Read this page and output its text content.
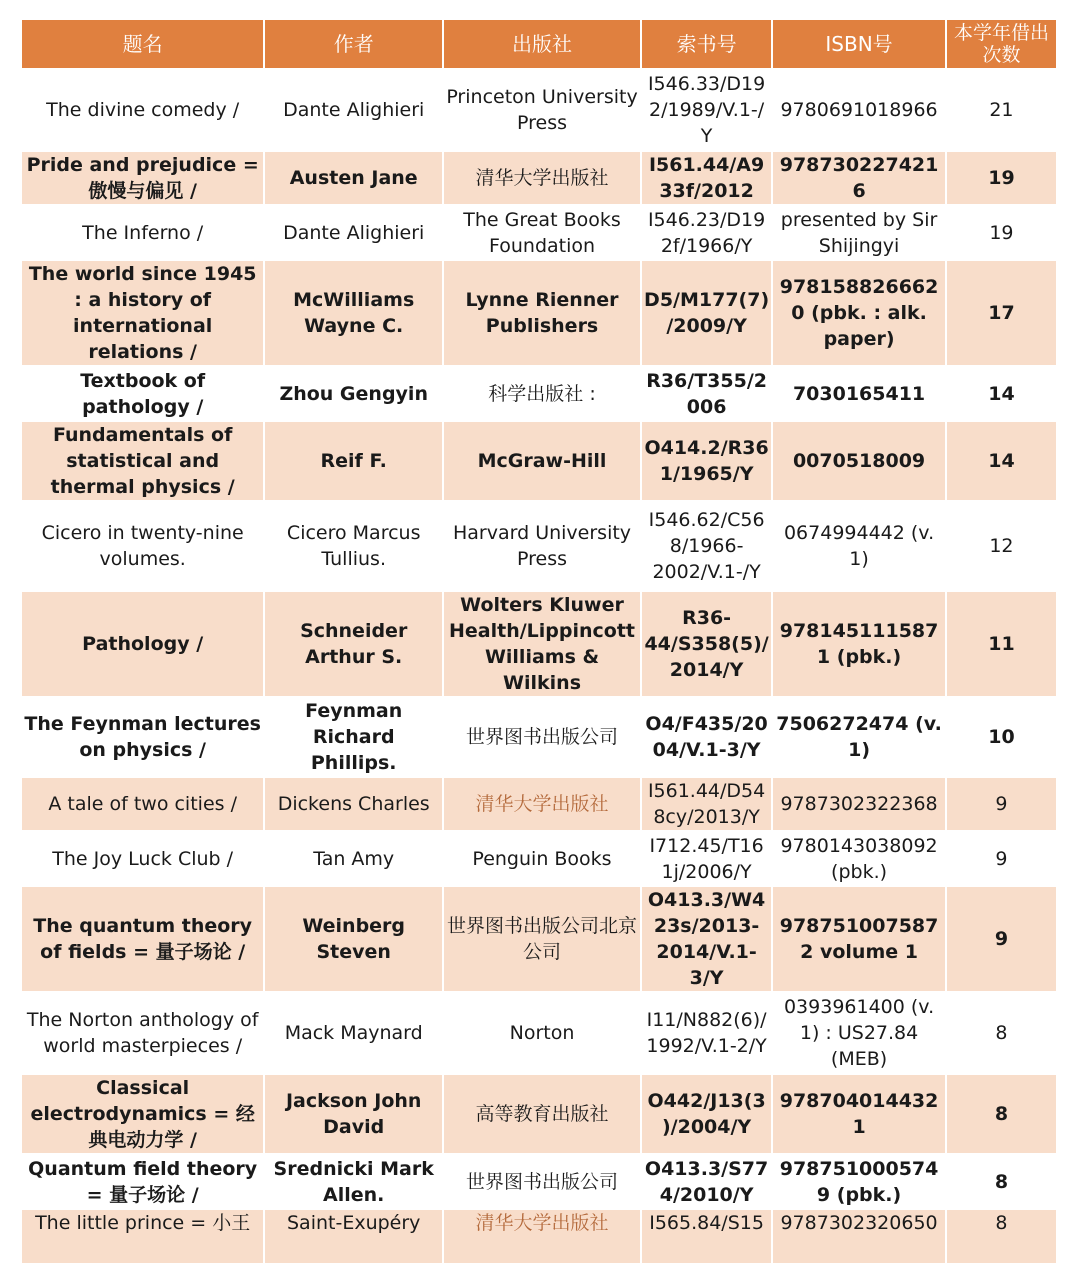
题名	作者	出版社	索书号	ISBN号	本学年借出次数
The divine comedy /	Dante Alighieri	Princeton University Press	I546.33/D192/1989/V.1-/Y	9780691018966	21
Pride and prejudice = 傲慢与偏见 /	Austen Jane	清华大学出版社	I561.44/A933f/2012	9787302274216	19
The Inferno /	Dante Alighieri	The Great Books Foundation	I546.23/D192f/1966/Y	presented by Sir Shijingyi	19
The world since 1945 : a history of international relations /	McWilliams Wayne C.	Lynne Rienner Publishers	D5/M177(7)/2009/Y	9781588266620 (pbk. : alk. paper)	17
Textbook of pathology /	Zhou Gengyin	科学出版社 :	R36/T355/2006	7030165411	14
Fundamentals of statistical and thermal physics /	Reif F.	McGraw-Hill	O414.2/R361/1965/Y	0070518009	14
Cicero in twenty-nine volumes.	Cicero Marcus Tullius.	Harvard University Press	I546.62/C568/1966-2002/V.1-/Y	0674994442 (v. 1)	12
Pathology /	Schneider Arthur S.	Wolters Kluwer Health/Lippincott Williams & Wilkins	R36-44/S358(5)/2014/Y	9781451115871 (pbk.)	11
The Feynman lectures on physics /	Feynman Richard Phillips.	世界图书出版公司	O4/F435/2004/V.1-3/Y	7506272474 (v. 1)	10
A tale of two cities /	Dickens Charles	清华大学出版社	I561.44/D548cy/2013/Y	9787302322368	9
The Joy Luck Club /	Tan Amy	Penguin Books	I712.45/T161j/2006/Y	9780143038092 (pbk.)	9
The quantum theory of fields = 量子场论 /	Weinberg Steven	世界图书出版公司北京公司	O413.3/W423s/2013-2014/V.1-3/Y	9787510075872 volume 1	9
The Norton anthology of world masterpieces /	Mack Maynard	Norton	I11/N882(6)/1992/V.1-2/Y	0393961400 (v. 1) : US27.84 (MEB)	8
Classical electrodynamics = 经典电动力学 /	Jackson John David	高等教育出版社	O442/J13(3)/2004/Y	9787040144321	8
Quantum field theory = 量子场论 /	Srednicki Mark Allen.	世界图书出版公司	O413.3/S774/2010/Y	9787510005749 (pbk.)	8
The little prince = 小王	Saint-Exupéry	清华大学出版社	I565.84/S15	9787302320650	8
